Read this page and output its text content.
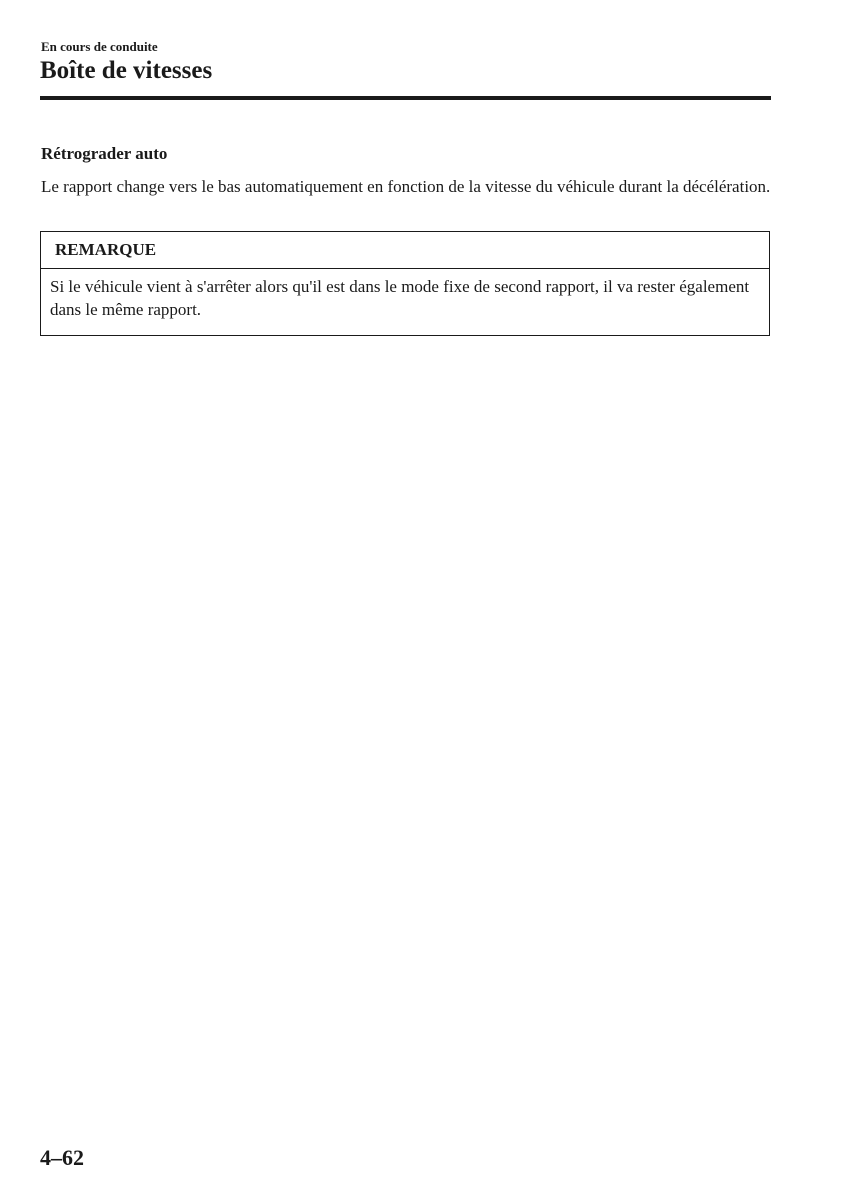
En cours de conduite

Boîte de vitesses
Rétrograder auto

Le rapport change vers le bas automatiquement en fonction de la vitesse du véhicule durant la décélération.

REMARQUE
Si le véhicule vient à s'arrêter alors qu'il est dans le mode fixe de second rapport, il va rester également dans le même rapport.

4–62
